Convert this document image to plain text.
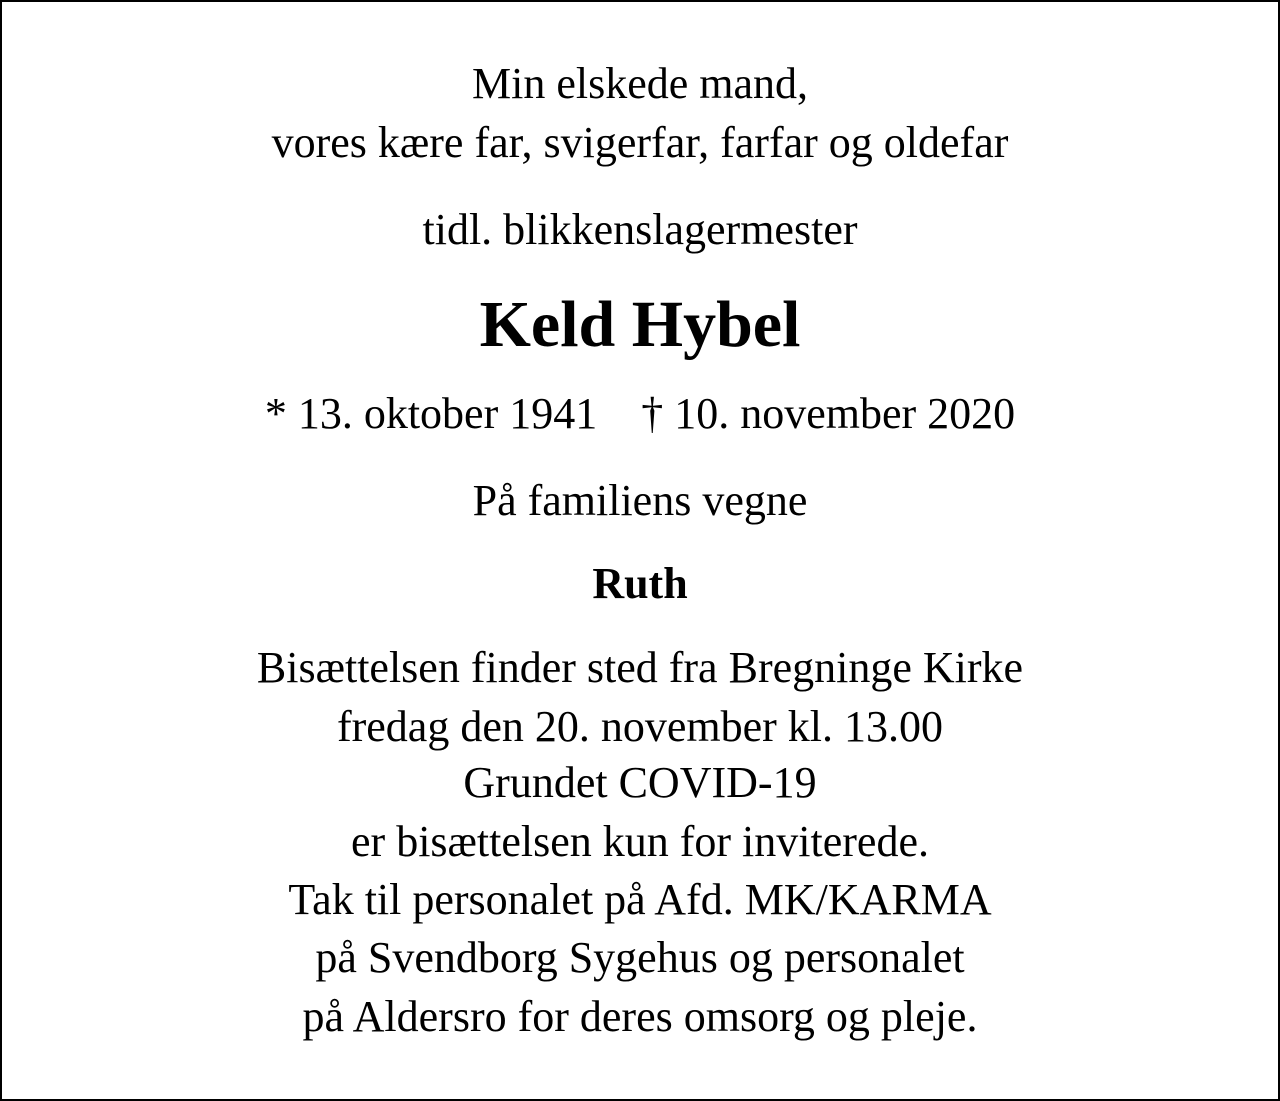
Min elskede mand,

vores kære far, svigerfar, farfar og oldefar

tidl. blikkenslagermester

Keld Hybel
* 13. oktober 1941 † 10. november 2020

På familiens vegne

Ruth

Bisættelsen finder sted fra Bregninge Kirke

fredag den 20. november kl. 13.00

Grundet COVID-19

er bisættelsen kun for inviterede.

Tak til personalet på Afd. MK/KARMA

på Svendborg Sygehus og personalet

på Aldersro for deres omsorg og pleje.
